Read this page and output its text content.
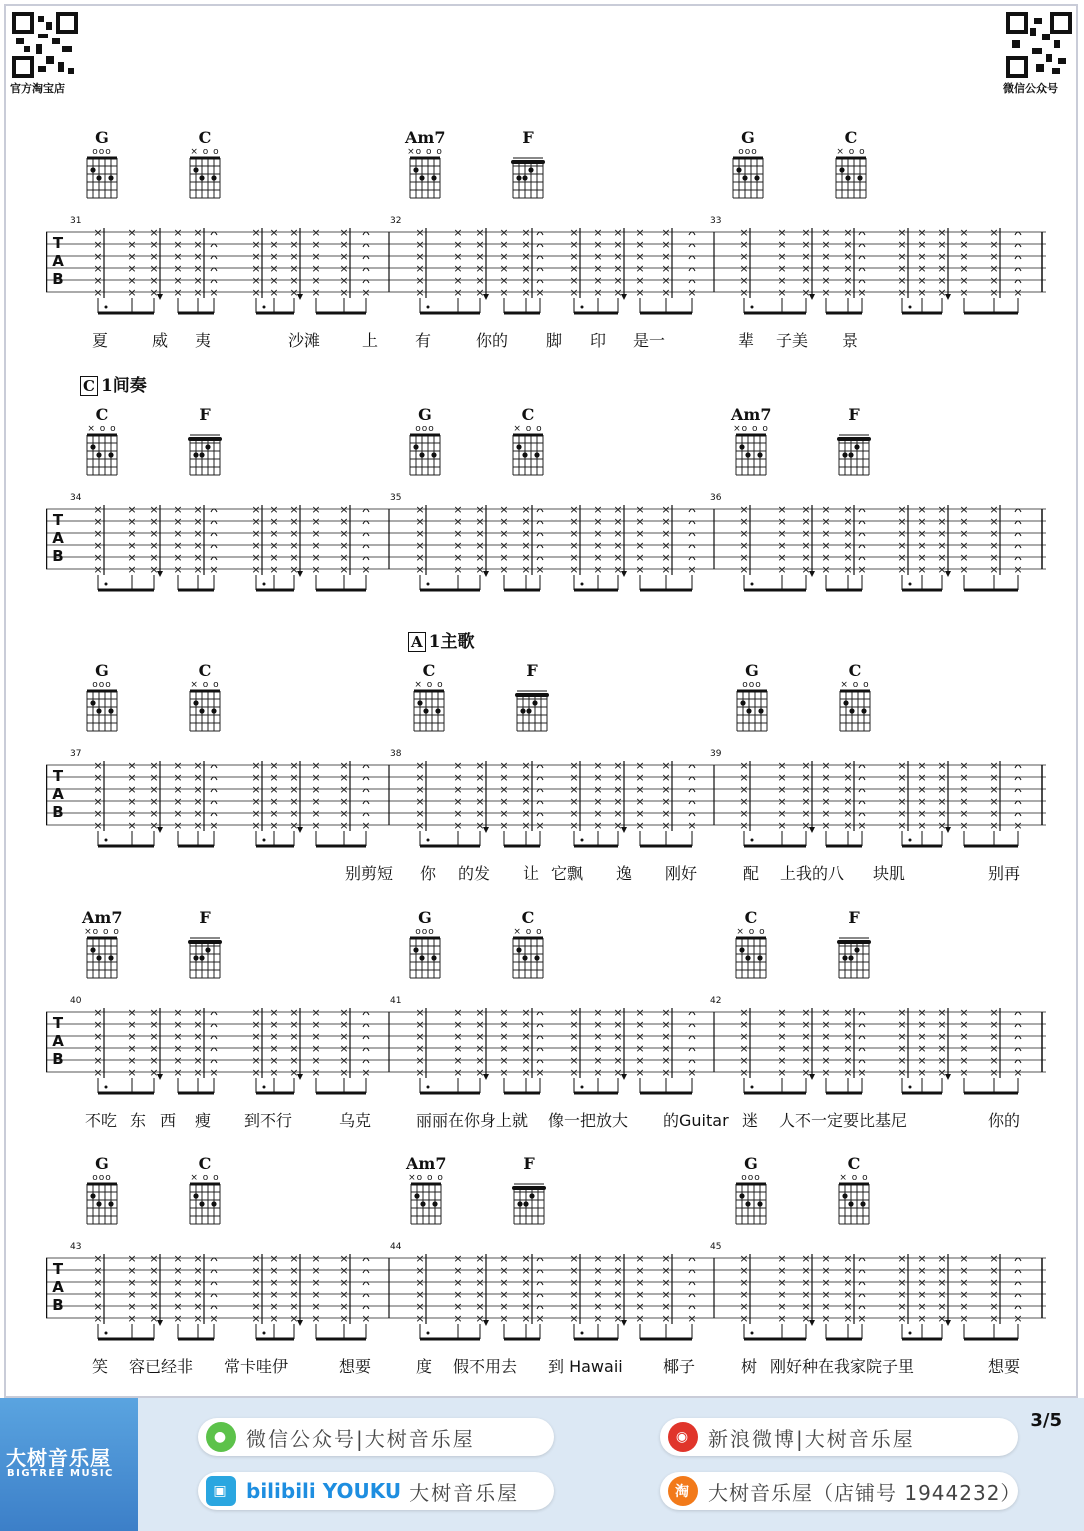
官方淘宝店	微信公众号
G
ooo
C
× o o
Am7
×o o o
F	G
ooo
C
× o o
×
×
×
×
×
×
×
×
×
×
×
×
×
×
×
×
×
×
×
×
×
×
×
×
×
×
×
×
×
× ×
×
×
×
×
×
×
×
×
×
×
×
×
×
×
×
×
×
×
×
×
×
×
×
×
×
×
×
×
×
× ×
×
×
×
×
×
×
×
×
×
×
×
×
×
×
×
×
×
×
×
×
×
×
×
×
×
×
×
×
×
× ×
×
×
×
×
×
×
×
×
×
×
×
×
×
×
×
×
×
×
×
×
×
×
×
×
×
×
×
×
×
× ×
×
×
×
×
×
×
×
×
×
×
×
×
×
×
×
×
×
×
×
×
×
×
×
×
×
×
×
×
×
× ×
×
×
×
×
×
×
×
×
×
×
×
×
×
×
×
×
×
×
×
×
×
×
×
×
×
×
×
×
×
× ×
T
A
B
31	32	33
夏	威 夷	沙滩	上 有	你的 脚 印 是一	辈 子美 景
C 1间奏
C
× o o
F	G
ooo
C
× o o
Am7
×o o o
F
×
×
×
×
×
×
×
×
×
×
×
×
×
×
×
×
×
×
×
×
×
×
×
×
×
×
×
×
×
× ×
×
×
×
×
×
×
×
×
×
×
×
×
×
×
×
×
×
×
×
×
×
×
×
×
×
×
×
×
×
× ×
×
×
×
×
×
×
×
×
×
×
×
×
×
×
×
×
×
×
×
×
×
×
×
×
×
×
×
×
×
× ×
×
×
×
×
×
×
×
×
×
×
×
×
×
×
×
×
×
×
×
×
×
×
×
×
×
×
×
×
×
× ×
×
×
×
×
×
×
×
×
×
×
×
×
×
×
×
×
×
×
×
×
×
×
×
×
×
×
×
×
×
× ×
×
×
×
×
×
×
×
×
×
×
×
×
×
×
×
×
×
×
×
×
×
×
×
×
×
×
×
×
×
× ×
T
A
B
34	35	36
A 1主歌
G
ooo
C
× o o
C
× o o
F	G
ooo
C
× o o
×
×
×
×
×
×
×
×
×
×
×
×
×
×
×
×
×
×
×
×
×
×
×
×
×
×
×
×
×
× ×
×
×
×
×
×
×
×
×
×
×
×
×
×
×
×
×
×
×
×
×
×
×
×
×
×
×
×
×
×
× ×
×
×
×
×
×
×
×
×
×
×
×
×
×
×
×
×
×
×
×
×
×
×
×
×
×
×
×
×
×
× ×
×
×
×
×
×
×
×
×
×
×
×
×
×
×
×
×
×
×
×
×
×
×
×
×
×
×
×
×
×
× ×
×
×
×
×
×
×
×
×
×
×
×
×
×
×
×
×
×
×
×
×
×
×
×
×
×
×
×
×
×
× ×
×
×
×
×
×
×
×
×
×
×
×
×
×
×
×
×
×
×
×
×
×
×
×
×
×
×
×
×
×
× ×
T
A
B
37	38	39
别剪短 你 的发 让 它飘 逸 刚好	配 上我的八 块肌	别再
Am7
×o o o
F	G
ooo
C
× o o
C
× o o
F
×
×
×
×
×
×
×
×
×
×
×
×
×
×
×
×
×
×
×
×
×
×
×
×
×
×
×
×
×
× ×
×
×
×
×
×
×
×
×
×
×
×
×
×
×
×
×
×
×
×
×
×
×
×
×
×
×
×
×
×
× ×
×
×
×
×
×
×
×
×
×
×
×
×
×
×
×
×
×
×
×
×
×
×
×
×
×
×
×
×
×
× ×
×
×
×
×
×
×
×
×
×
×
×
×
×
×
×
×
×
×
×
×
×
×
×
×
×
×
×
×
×
× ×
×
×
×
×
×
×
×
×
×
×
×
×
×
×
×
×
×
×
×
×
×
×
×
×
×
×
×
×
×
× ×
×
×
×
×
×
×
×
×
×
×
×
×
×
×
×
×
×
×
×
×
×
×
×
×
×
×
×
×
×
× ×
T
A
B
40	41	42
不吃 东 西 瘦 到不行	乌克	丽丽在你身上就 像一把放大 的Guitar 迷 人不一定要比基尼	你的
G
ooo
C
× o o
Am7
×o o o
F	G
ooo
C
× o o
×
×
×
×
×
×
×
×
×
×
×
×
×
×
×
×
×
×
×
×
×
×
×
×
×
×
×
×
×
× ×
×
×
×
×
×
×
×
×
×
×
×
×
×
×
×
×
×
×
×
×
×
×
×
×
×
×
×
×
×
× ×
×
×
×
×
×
×
×
×
×
×
×
×
×
×
×
×
×
×
×
×
×
×
×
×
×
×
×
×
×
× ×
×
×
×
×
×
×
×
×
×
×
×
×
×
×
×
×
×
×
×
×
×
×
×
×
×
×
×
×
×
× ×
×
×
×
×
×
×
×
×
×
×
×
×
×
×
×
×
×
×
×
×
×
×
×
×
×
×
×
×
×
× ×
×
×
×
×
×
×
×
×
×
×
×
×
×
×
×
×
×
×
×
×
×
×
×
×
×
×
×
×
×
× ×
T
A
B
43	44	45
笑 容已经非 常卡哇伊	想要	度 假不用去 到 Hawaii	椰子	树 刚好种在我家院子里	想要
大树音乐屋
BIGTREE MUSIC
● 微信公众号|大树音乐屋
▣ bilibili YOUKU 大树音乐屋
◉ 新浪微博|大树音乐屋
淘 大树音乐屋（店铺号 1944232）
3/5
